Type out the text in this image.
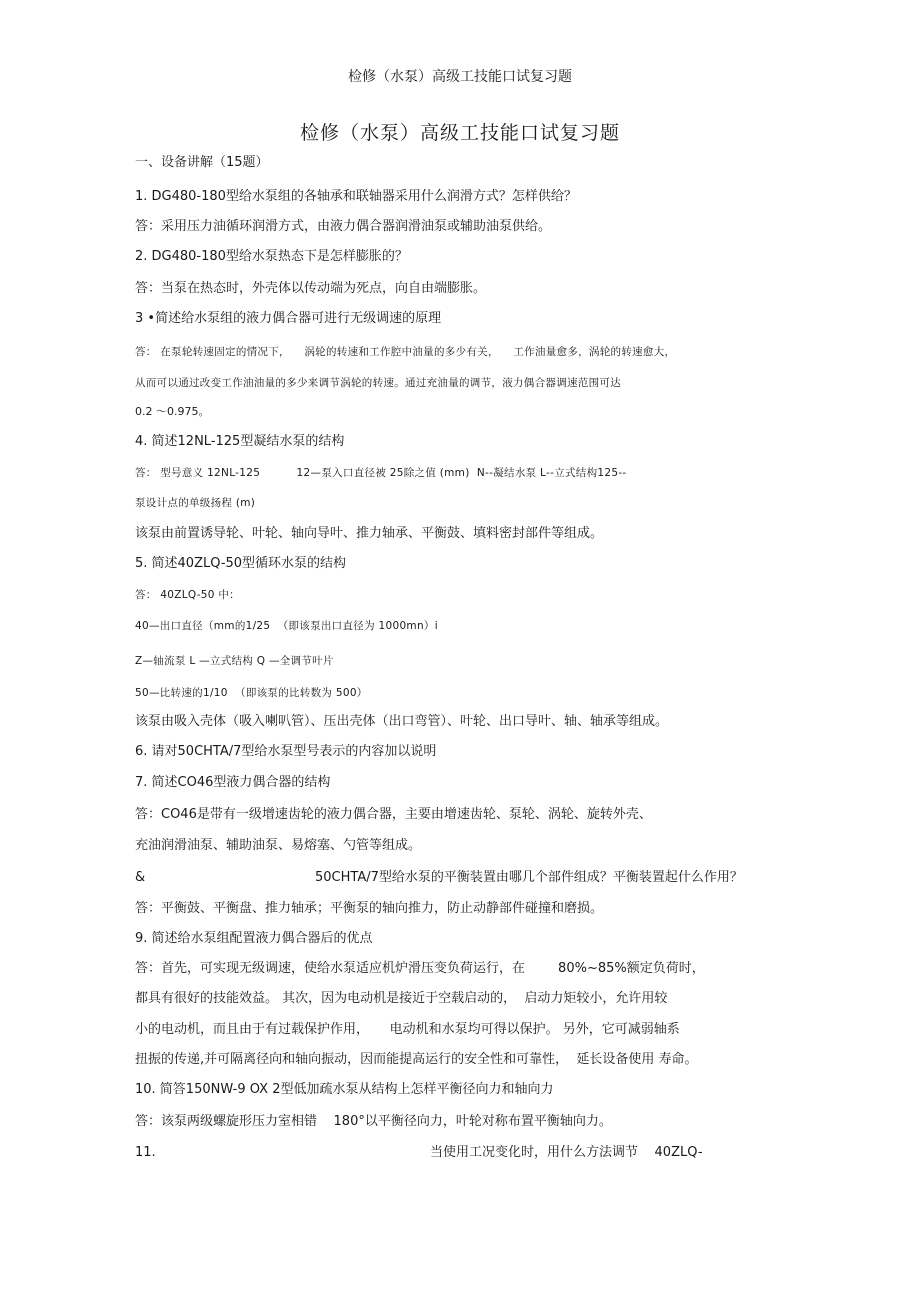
检修（水泵）高级工技能口试复习题
检修（水泵）高级工技能口试复习题
一、设备讲解（15题）
1. DG480-180型给水泵组的各轴承和联轴器采用什么润滑方式？怎样供给？
答：采用压力油循环润滑方式，由液力偶合器润滑油泵或辅助油泵供给。
2. DG480-180型给水泵热态下是怎样膨胀的？
答：当泵在热态时，外壳体以传动端为死点，向自由端膨胀。
3 •简述给水泵组的液力偶合器可进行无级调速的原理
答： 在泵轮转速固定的情况下，    涡轮的转速和工作腔中油量的多少有关，    工作油量愈多，涡轮的转速愈大，
从而可以通过改变工作油油量的多少来调节涡轮的转速。通过充油量的调节，液力偶合器调速范围可达
0.2 ～0.975。
4. 简述12NL-125型凝结水泵的结构
答： 型号意义 12NL-125          12—泵入口直径被 25除之值 (mm)  N--凝结水泵 L--立式结构125--
泵设计点的单级扬程 (m)
该泵由前置诱导轮、叶轮、轴向导叶、推力轴承、平衡鼓、填料密封部件等组成。
5. 简述40ZLQ-50型循环水泵的结构
答： 40ZLQ-50 中：
40—出口直径（mm的1/25  （即该泵出口直径为 1000mn）i
Z—轴流泵 L —立式结构 Q —全调节叶片
50—比转速的1/10  （即该泵的比转数为 500）
该泵由吸入壳体（吸入喇叭管）、压出壳体（出口弯管）、叶轮、出口导叶、轴、轴承等组成。
6. 请对50CHTA/7型给水泵型号表示的内容加以说明
7. 简述CO46型液力偶合器的结构
答：CO46是带有一级增速齿轮的液力偶合器，主要由增速齿轮、泵轮、涡轮、旋转外壳、
充油润滑油泵、辅助油泵、易熔塞、勺管等组成。
&	50CHTA/7型给水泵的平衡装置由哪几个部件组成？平衡装置起什么作用？
答：平衡鼓、平衡盘、推力轴承；平衡泵的轴向推力，防止动静部件碰撞和磨损。
9. 简述给水泵组配置液力偶合器后的优点
答：首先，可实现无级调速，使给水泵适应机炉滑压变负荷运行，在        80%~85%额定负荷时，
都具有很好的技能效益。 其次，因为电动机是接近于空载启动的，  启动力矩较小，允许用较
小的电动机，而且由于有过载保护作用，     电动机和水泵均可得以保护。 另外，它可减弱轴系
扭振的传递,并可隔离径向和轴向振动，因而能提高运行的安全性和可靠性，  延长设备使用 寿命。
10. 简答150NW-9 OX 2型低加疏水泵从结构上怎样平衡径向力和轴向力
答：该泵两级螺旋形压力室相错    180°以平衡径向力，叶轮对称布置平衡轴向力。
11.	当使用工况变化时，用什么方法调节    40ZLQ-
